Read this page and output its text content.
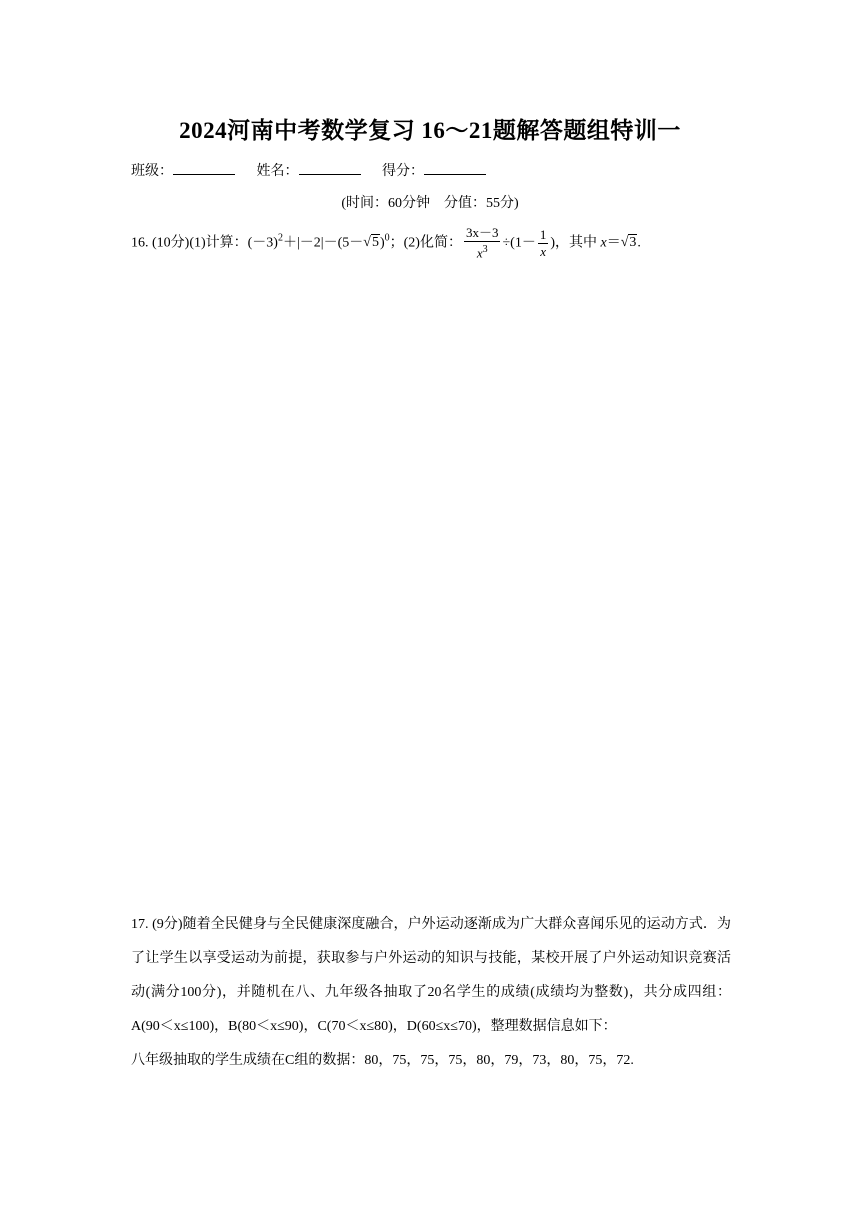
2024河南中考数学复习 16～21题解答题组特训一
班级：	姓名：	得分：
(时间：60分钟　分值：55分)
16. (10分)(1)计算：$(-3)^2+|-2|-(5-√5)^0$；(2)化简： $\frac{3x-3}{x^3} \div(1- \frac{1}{x}$ )，其中 x＝√3.

17. (9分)随着全民健身与全民健康深度融合，户外运动逐渐成为广大群众喜闻乐见的运动方式．为了让学生以享受运动为前提，获取参与户外运动的知识与技能，某校开展了户外运动知识竞赛活动(满分100分)，并随机在八、九年级各抽取了20名学生的成绩(成绩均为整数)，共分成四组：A(90＜x≤100)，B(80＜x≤90)，C(70＜x≤80)，D(60≤x≤70)，整理数据信息如下：

八年级抽取的学生成绩在C组的数据：80，75，75，75，80，79，73，80，75，72.
